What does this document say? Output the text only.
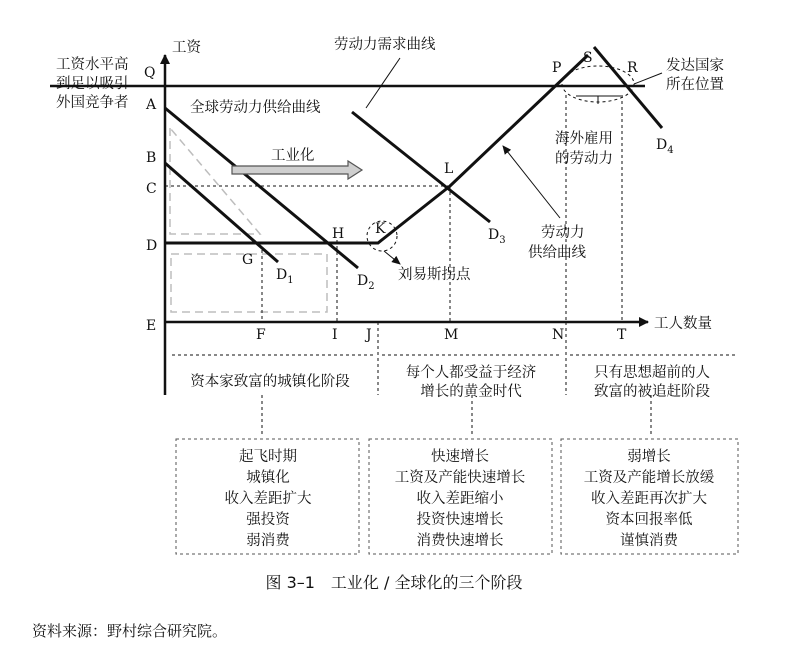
工资
工人数量
Q
A
B
C
D
E
F	I J	M	N	T
工资水平高
到足以吸引
外国竞争者
P
S
R
L
K
H
G
$D_1$	$D_2$
$D_3$
$D_4$
全球劳动力供给曲线
劳动力需求曲线
工业化
刘易斯拐点
劳动力
供给曲线
发达国家
所在位置
海外雇用
的劳动力
资本家致富的城镇化阶段
每个人都受益于经济
增长的黄金时代
只有思想超前的人
致富的被追赶阶段
起飞时期
城镇化
收入差距扩大
强投资
弱消费
快速增长
工资及产能快速增长
收入差距缩小
投资快速增长
消费快速增长
弱增长
工资及产能增长放缓
收入差距再次扩大
资本回报率低
谨慎消费
图 3–1　工业化 / 全球化的三个阶段
资料来源：野村综合研究院。
